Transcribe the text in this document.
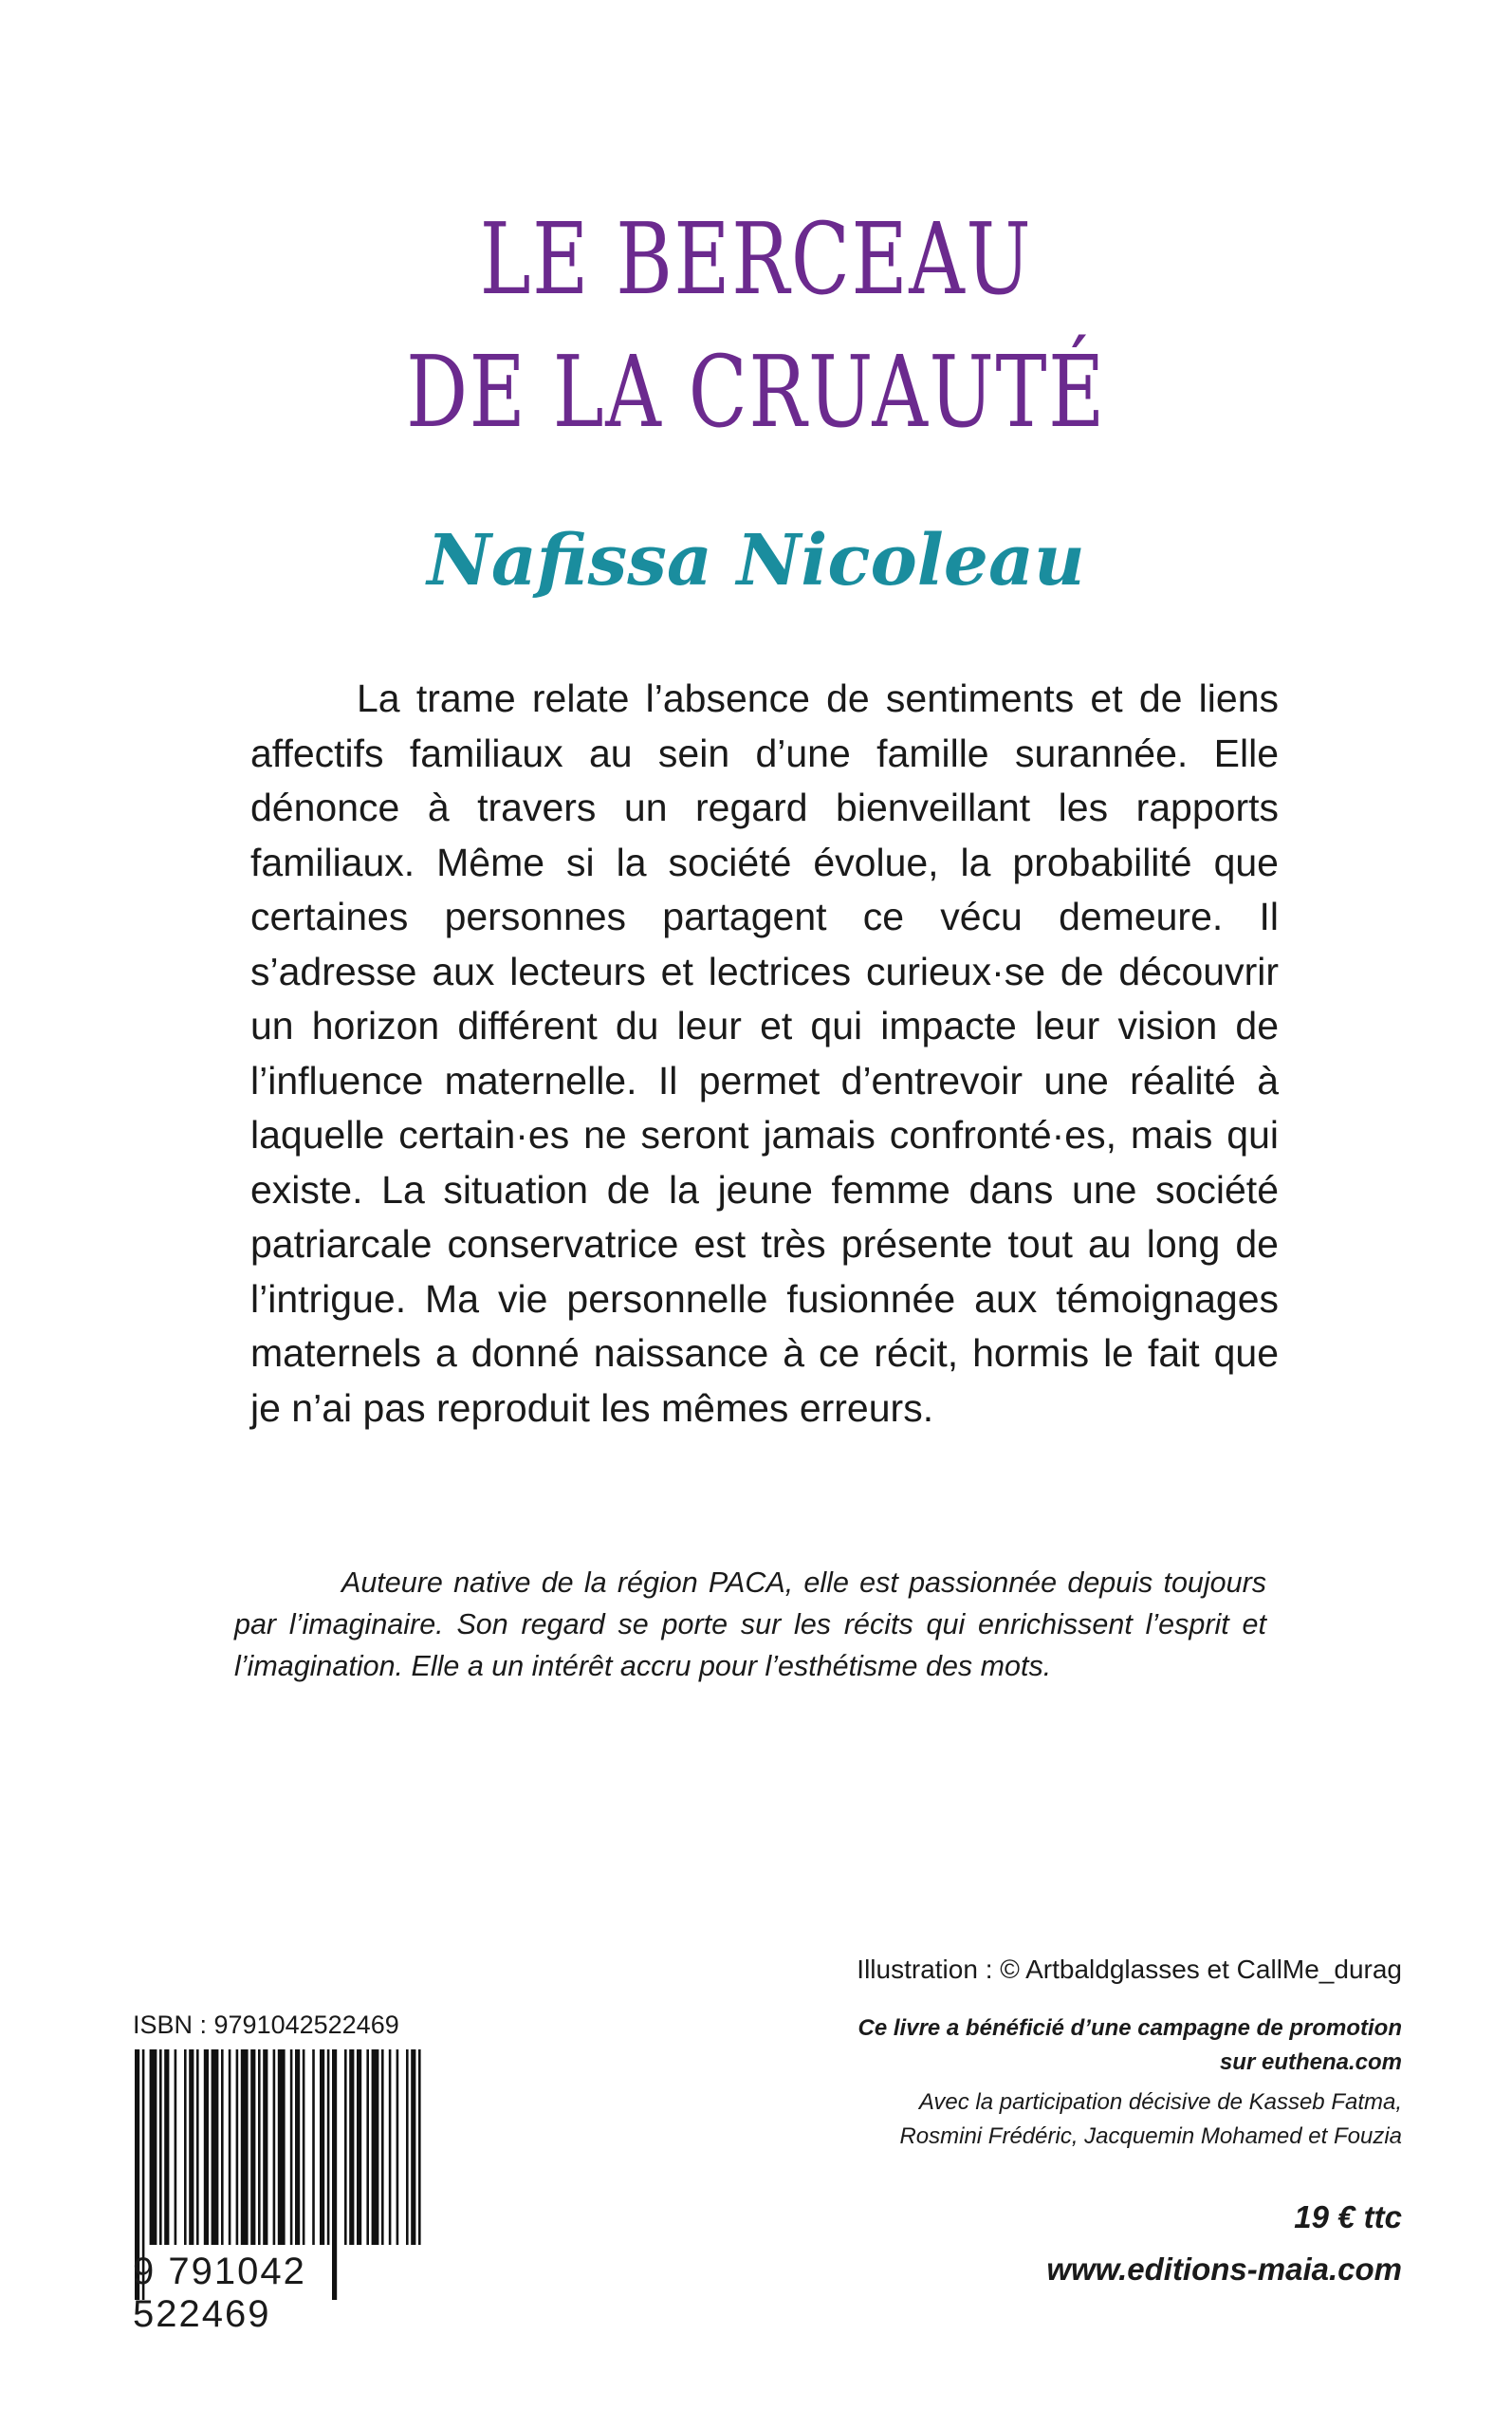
LE BERCEAU
DE LA CRUAUTÉ
Nafissa Nicoleau

La trame relate l’absence de sentiments et de liens affectifs familiaux au sein d’une famille surannée. Elle dénonce à travers un regard bienveillant les rapports familiaux. Même si la société évolue, la probabilité que certaines personnes partagent ce vécu demeure. Il s’adresse aux lecteurs et lectrices curieux·se de découvrir un horizon différent du leur et qui impacte leur vision de l’influence maternelle. Il permet d’entrevoir une réalité à laquelle certain·es ne seront jamais confronté·es, mais qui existe. La situation de la jeune femme dans une société patriarcale conservatrice est très présente tout au long de l’intrigue. Ma vie personnelle fusionnée aux témoignages maternels a donné naissance à ce récit, hormis le fait que je n’ai pas reproduit les mêmes erreurs.

Auteure native de la région PACA, elle est passionnée depuis toujours par l’imaginaire. Son regard se porte sur les récits qui enrichissent l’esprit et l’imagination. Elle a un intérêt accru pour l’esthétisme des mots.

Illustration : © Artbaldglasses et CallMe_durag

Ce livre a bénéficié d’une campagne de promotion
sur euthena.com
Avec la participation décisive de Kasseb Fatma,
Rosmini Frédéric, Jacquemin Mohamed et Fouzia

19 € ttc

www.editions-maia.com

ISBN : 9791042522469

9 791042 522469
